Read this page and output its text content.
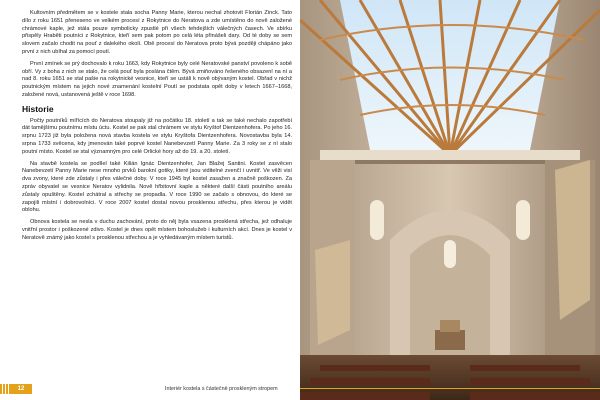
Kultovním předmětem se v kostele stala socha Panny Marie, kterou nechal zhotovit Florián Zinck. Tato dílo z roku 1651 přeneseno ve velkém procesí z Rokytnice do Neratova a zde umístěno do nově založené chrámové kaple, jež stála pouze symbolicky zpustlé při všech tehdejších válečných časech. Ve sbírku přispěly Hraběti poutníci z Rokytnice, kteří sem pak potom po celá léta přinášeli dary. Od té doby se sem slovem začalo chodit na pouť z dalekého okolí. Obě procesí do Neratova proto bývá později chápáno jako první z nich ubíhal za pomocí poutí.

První zmínek se prý dochovalo k roku 1663, kdy Rokytnice byly celé Neratovské panství povoleno k sobě obří. Vy z boha z nich se stalo, že celá pouť byla poslána čtěm. Bývá zmiňováno řešeného obsazení na ní a nad 8. roku 1651 se stal pašie na rokytnické vesnice, kteří se ustáli k nově obývaným kostel. Obřad v nichž poutnickým místem na jejich nové znamenání kostelní Poutí se podstata opět doby v letech 1667–1668, založené nová, ustanovená ještě v roce 1698.

Historie

Počty poutníků mířících do Neratova stoupaly již na počátku 18. století a tak se také nechalo zapotřebí dát tamějšímu poutnímu místu úctu. Kostel se pak stal chrámem ve stylu Kryštof Dientzenhofera. Po jeho 16. srpnu 1723 již byla položena nová stavba kostela ve stylu Kryštofa Dientzenhofera. Novostavba byla 14. srpna 1733 svěcena, kdy jmenován také poprvé kostel Nanebevzetí Panny Marie. Za 3 roky se z ní stalo poutní místo. Kostel se stal významným pro celé Orlické hory až do 19. a 20. století.

Na stavbě kostela se podílel také Kilián Ignác Dientzenhofer, Jan Blažej Santini. Kostel zasvěcen Nanebevzetí Panny Marie nese mnoho prvků barokní gotiky, které jsou viditelné zvenčí i uvnitř. Ve věži visí dva zvony, které zde zůstaly i přes válečné doby. V roce 1945 byl kostel zasažen a značně poškozen. Za zpráv obyvatel se vesnice Neratov vylidnila. Nově hřbitovní kaple a některé další části poutního areálu zůstaly opuštěny. Kostel zchátral a střechy se propadla. V roce 1990 se začalo s obnovou, do které se zapojili místní i dobrovolníci. V roce 2007 kostel dostal novou prosklenou střechu, přes kterou je vidět oblohu.

Obnova kostela se nesla v duchu zachování, proto do něj byla vsazena prosklená střecha, jež odhaluje vnitřní prostor i poškozené zdivo. Kostel je dnes opět místem bohoslužeb i kulturních akcí. Dnes je kostel v Neratově známý jako kostel s prosklenou střechou a je vyhledávaným místem turistů.

12	Interiér kostela s částečně proskleným stropem
